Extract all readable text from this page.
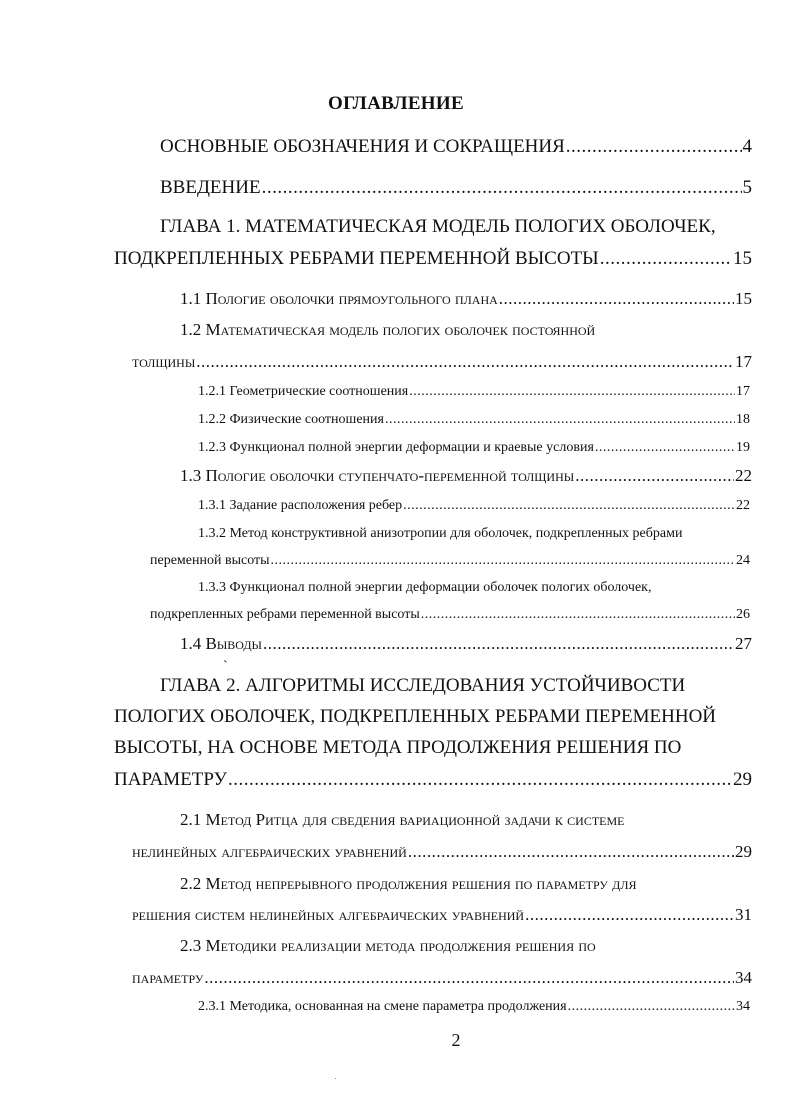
ОГЛАВЛЕНИЕ
ОСНОВНЫЕ ОБОЗНАЧЕНИЯ И СОКРАЩЕНИЯ .....	4
ВВЕДЕНИЕ .....	5
ГЛАВА 1. МАТЕМАТИЧЕСКАЯ МОДЕЛЬ ПОЛОГИХ ОБОЛОЧЕК,
ПОДКРЕПЛЕННЫХ РЕБРАМИ ПЕРЕМЕННОЙ ВЫСОТЫ .....	15
1.1 Пологие оболочки прямоугольного плана .....	15
1.2 Математическая модель пологих оболочек постоянной
толщины .....	17
1.2.1 Геометрические соотношения .....	17
1.2.2 Физические соотношения .....	18
1.2.3 Функционал полной энергии деформации и краевые условия .....	19
1.3 Пологие оболочки ступенчато-переменной толщины .....	22
1.3.1 Задание расположения ребер .....	22
1.3.2 Метод конструктивной анизотропии для оболочек, подкрепленных ребрами
переменной высоты .....	24
1.3.3 Функционал полной энергии деформации оболочек пологих оболочек,
подкрепленных ребрами переменной высоты .....	26
1.4 Выводы .....	27
`
ГЛАВА 2. АЛГОРИТМЫ ИССЛЕДОВАНИЯ УСТОЙЧИВОСТИ
ПОЛОГИХ ОБОЛОЧЕК, ПОДКРЕПЛЕННЫХ РЕБРАМИ ПЕРЕМЕННОЙ
ВЫСОТЫ, НА ОСНОВЕ МЕТОДА ПРОДОЛЖЕНИЯ РЕШЕНИЯ ПО
ПАРАМЕТРУ .....	29
2.1 Метод Ритца для сведения вариационной задачи к системе
нелинейных алгебраических уравнений .....	29
2.2 Метод непрерывного продолжения решения по параметру для
решения систем нелинейных алгебраических уравнений .....	31
2.3 Методики реализации метода продолжения решения по
параметру .....	34
2.3.1 Методика, основанная на смене параметра продолжения .....	34
2
